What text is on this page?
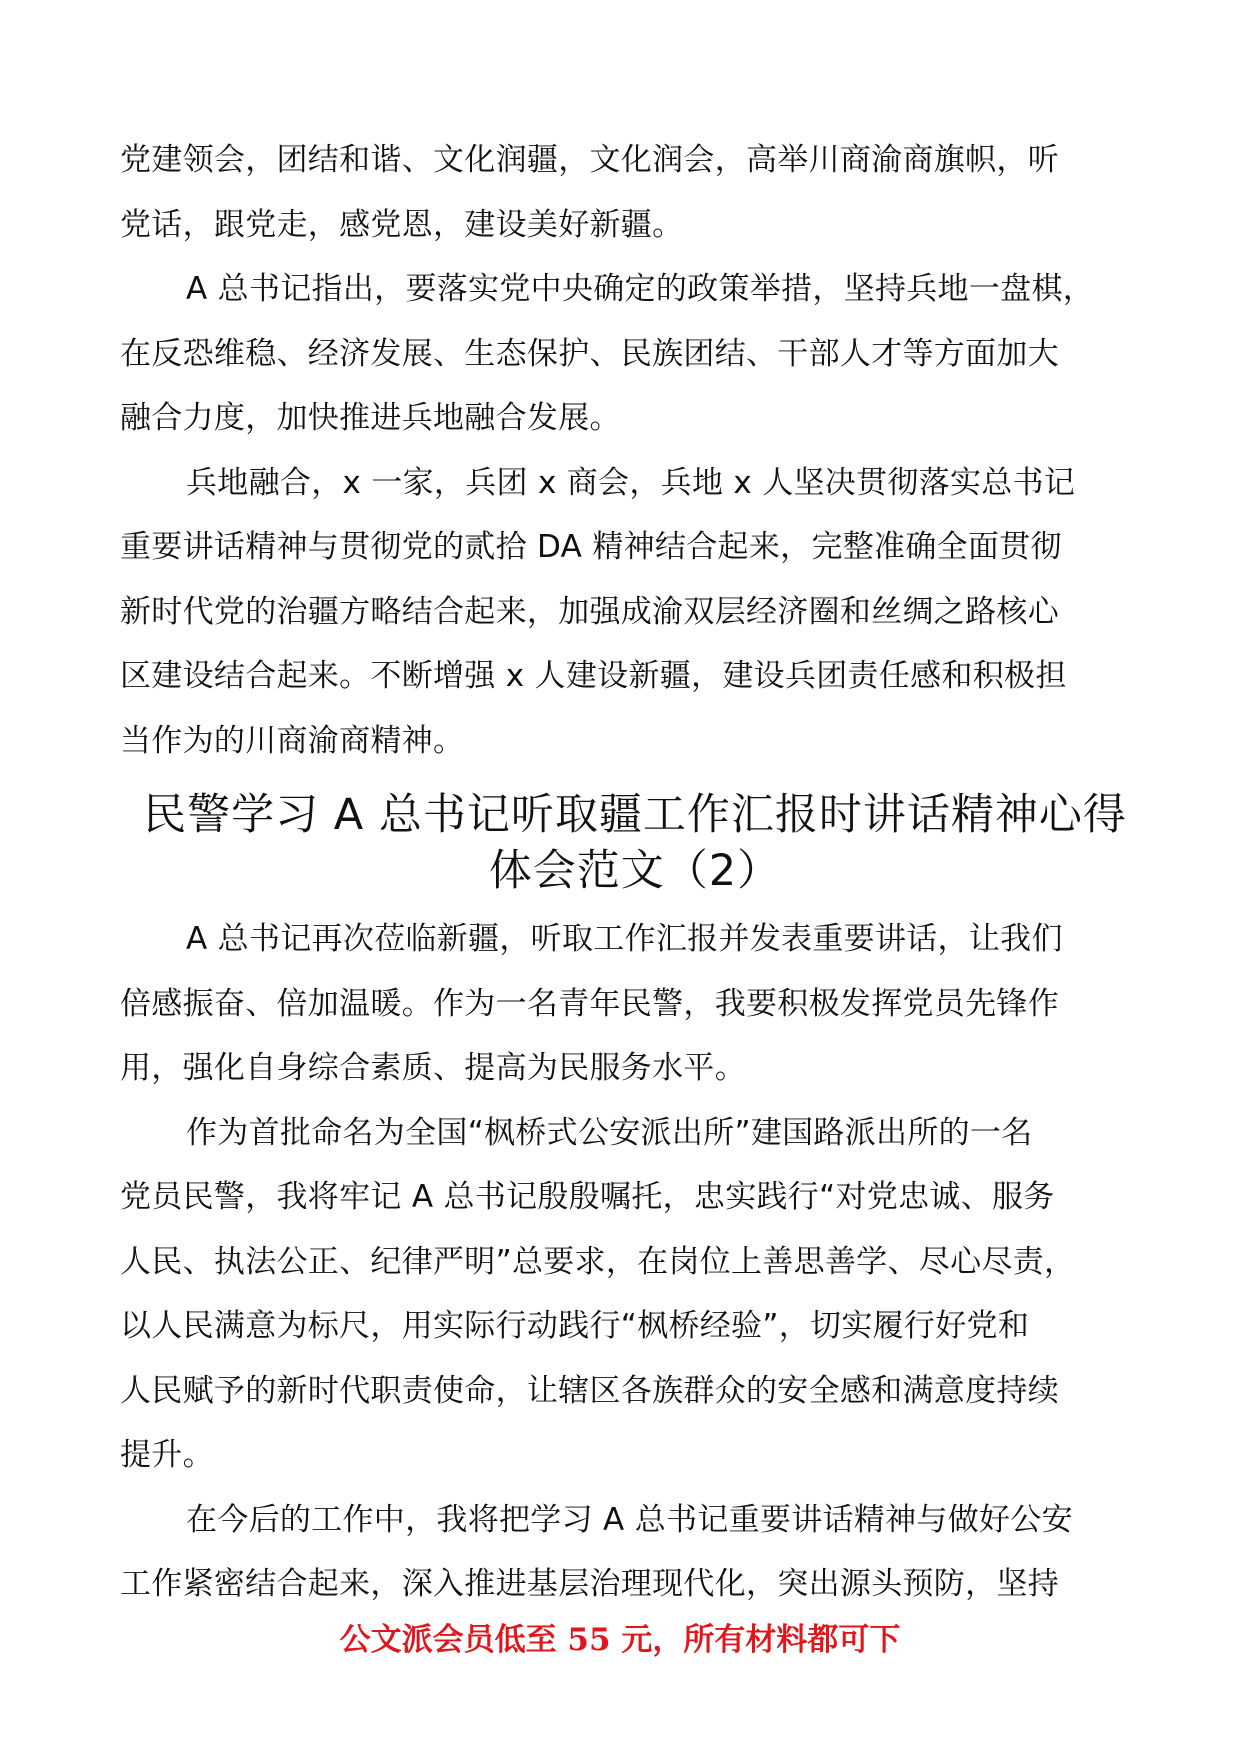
党建领会，团结和谐、文化润疆，文化润会，高举川商渝商旗帜，听
党话，跟党走，感党恩，建设美好新疆。
A 总书记指出，要落实党中央确定的政策举措，坚持兵地一盘棋，
在反恐维稳、经济发展、生态保护、民族团结、干部人才等方面加大
融合力度，加快推进兵地融合发展。
兵地融合，x 一家，兵团 x 商会，兵地 x 人坚决贯彻落实总书记
重要讲话精神与贯彻党的贰拾 DA 精神结合起来，完整准确全面贯彻
新时代党的治疆方略结合起来，加强成渝双层经济圈和丝绸之路核心
区建设结合起来。不断增强 x 人建设新疆，建设兵团责任感和积极担
当作为的川商渝商精神。
民警学习 A 总书记听取疆工作汇报时讲话精神心得
体会范文（2）
A 总书记再次莅临新疆，听取工作汇报并发表重要讲话，让我们
倍感振奋、倍加温暖。作为一名青年民警，我要积极发挥党员先锋作
用，强化自身综合素质、提高为民服务水平。
作为首批命名为全国“枫桥式公安派出所”建国路派出所的一名
党员民警，我将牢记 A 总书记殷殷嘱托，忠实践行“对党忠诚、服务
人民、执法公正、纪律严明”总要求，在岗位上善思善学、尽心尽责，
以人民满意为标尺，用实际行动践行“枫桥经验”，切实履行好党和
人民赋予的新时代职责使命，让辖区各族群众的安全感和满意度持续
提升。
在今后的工作中，我将把学习 A 总书记重要讲话精神与做好公安
工作紧密结合起来，深入推进基层治理现代化，突出源头预防，坚持
公文派会员低至 55 元，所有材料都可下
